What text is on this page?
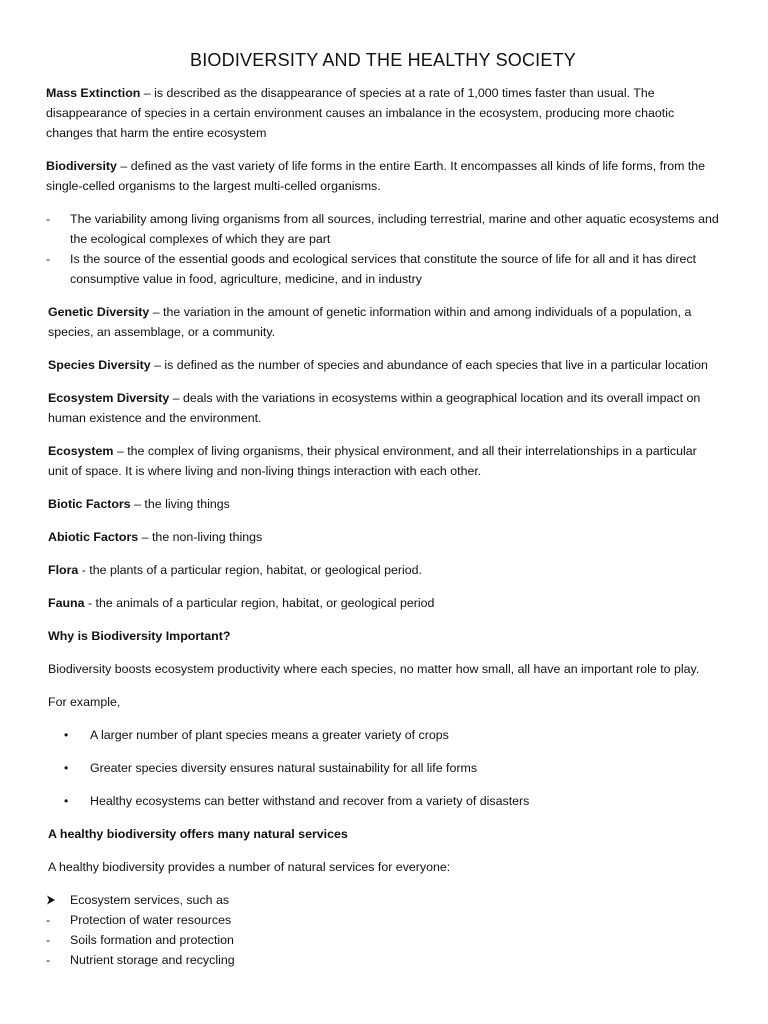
BIODIVERSITY AND THE HEALTHY SOCIETY

Mass Extinction – is described as the disappearance of species at a rate of 1,000 times faster than usual. The disappearance of species in a certain environment causes an imbalance in the ecosystem, producing more chaotic changes that harm the entire ecosystem

Biodiversity – defined as the vast variety of life forms in the entire Earth. It encompasses all kinds of life forms, from the single-celled organisms to the largest multi-celled organisms.

-	The variability among living organisms from all sources, including terrestrial, marine and other aquatic ecosystems and the ecological complexes of which they are part
-	Is the source of the essential goods and ecological services that constitute the source of life for all and it has direct consumptive value in food, agriculture, medicine, and in industry

Genetic Diversity – the variation in the amount of genetic information within and among individuals of a population, a species, an assemblage, or a community.

Species Diversity – is defined as the number of species and abundance of each species that live in a particular location

Ecosystem Diversity – deals with the variations in ecosystems within a geographical location and its overall impact on human existence and the environment.

Ecosystem – the complex of living organisms, their physical environment, and all their interrelationships in a particular unit of space. It is where living and non-living things interaction with each other.

Biotic Factors – the living things

Abiotic Factors – the non-living things

Flora - the plants of a particular region, habitat, or geological period.

Fauna - the animals of a particular region, habitat, or geological period

Why is Biodiversity Important?

Biodiversity boosts ecosystem productivity where each species, no matter how small, all have an important role to play.

For example,

• A larger number of plant species means a greater variety of crops
• Greater species diversity ensures natural sustainability for all life forms
• Healthy ecosystems can better withstand and recover from a variety of disasters

A healthy biodiversity offers many natural services

A healthy biodiversity provides a number of natural services for everyone:

Ecosystem services, such as
-	Protection of water resources
-	Soils formation and protection
-	Nutrient storage and recycling
